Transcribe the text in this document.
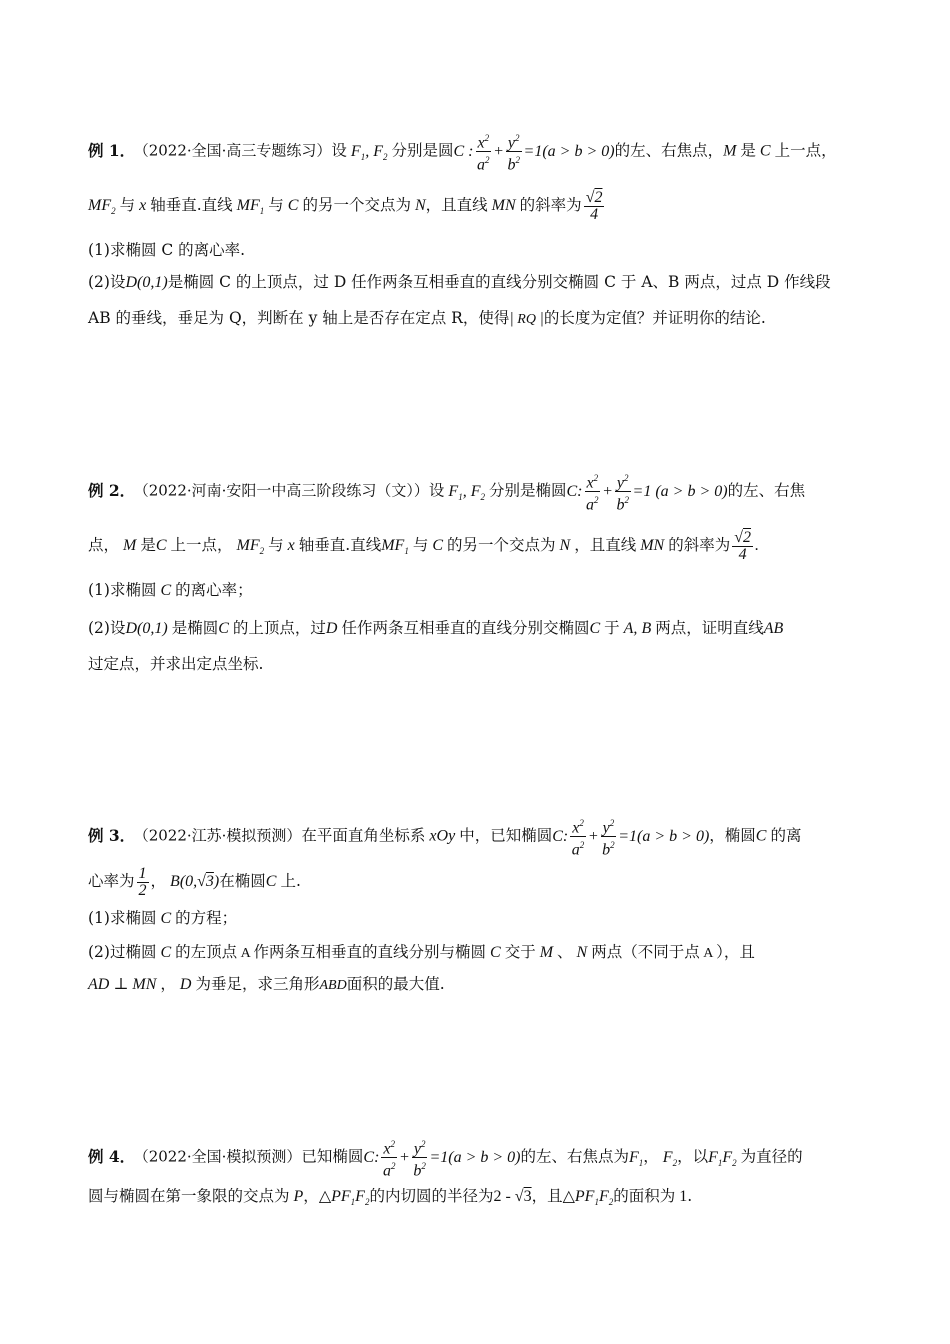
例 1． （2022·全国·高三专题练习）设 $F_1$, $F_2$ 分别是圆C : $\frac{x^2}{a^2} + \frac{y^2}{b^2} =1(a > b > 0)$的左、右焦点，M 是 C 上一点，
$MF_2$ 与 x 轴垂直.直线 $MF_1$ 与 C 的另一个交点为 N，且直线 MN 的斜率为 $\frac{√2}{4}$
(1)求椭圆 C 的离心率.
(2)设D(0,1)是椭圆 C 的上顶点，过 D 任作两条互相垂直的直线分别交椭圆 C 于 A、B 两点，过点 D 作线段
AB 的垂线，垂足为 Q，判断在 y 轴上是否存在定点 R，使得| RQ |的长度为定值？并证明你的结论.
例 2． （2022·河南·安阳一中高三阶段练习（文））设 $F_1$, $F_2$ 分别是椭圆C: $\frac{x^2}{a^2} + \frac{y^2}{b^2} =1$ (a > b > 0)的左、右焦
点， M 是C 上一点， $MF_2$ 与 x 轴垂直.直线$MF_1$ 与 C 的另一个交点为 N ，且直线 MN 的斜率为 $\frac{√2}{4}$ .
(1)求椭圆 C 的离心率；
(2)设D(0,1) 是椭圆C 的上顶点，过D 任作两条互相垂直的直线分别交椭圆C 于 A, B 两点，证明直线AB
过定点，并求出定点坐标.
例 3． （2022·江苏·模拟预测）在平面直角坐标系 xOy 中，已知椭圆C: $\frac{x^2}{a^2} + \frac{y^2}{b^2} =1(a > b > 0)$，椭圆C 的离
心率为 $\frac{1}{2}$ ， B(0,√3)在椭圆C 上.
(1)求椭圆 C 的方程；
(2)过椭圆 C 的左顶点 A 作两条互相垂直的直线分别与椭圆 C 交于 M 、 N 两点（不同于点 A ），且
AD ⊥ MN ， D 为垂足，求三角形ABD面积的最大值.
例 4． （2022·全国·模拟预测）已知椭圆C: $\frac{x^2}{a^2} + \frac{y^2}{b^2} =1(a > b > 0)$的左、右焦点为$F_1$， $F_2$，以$F_1F_2$ 为直径的
圆与椭圆在第一象限的交点为 P，$\triangle PF_1F_2$的内切圆的半径为2 - √3，且$\triangle PF_1F_2$的面积为 1.
